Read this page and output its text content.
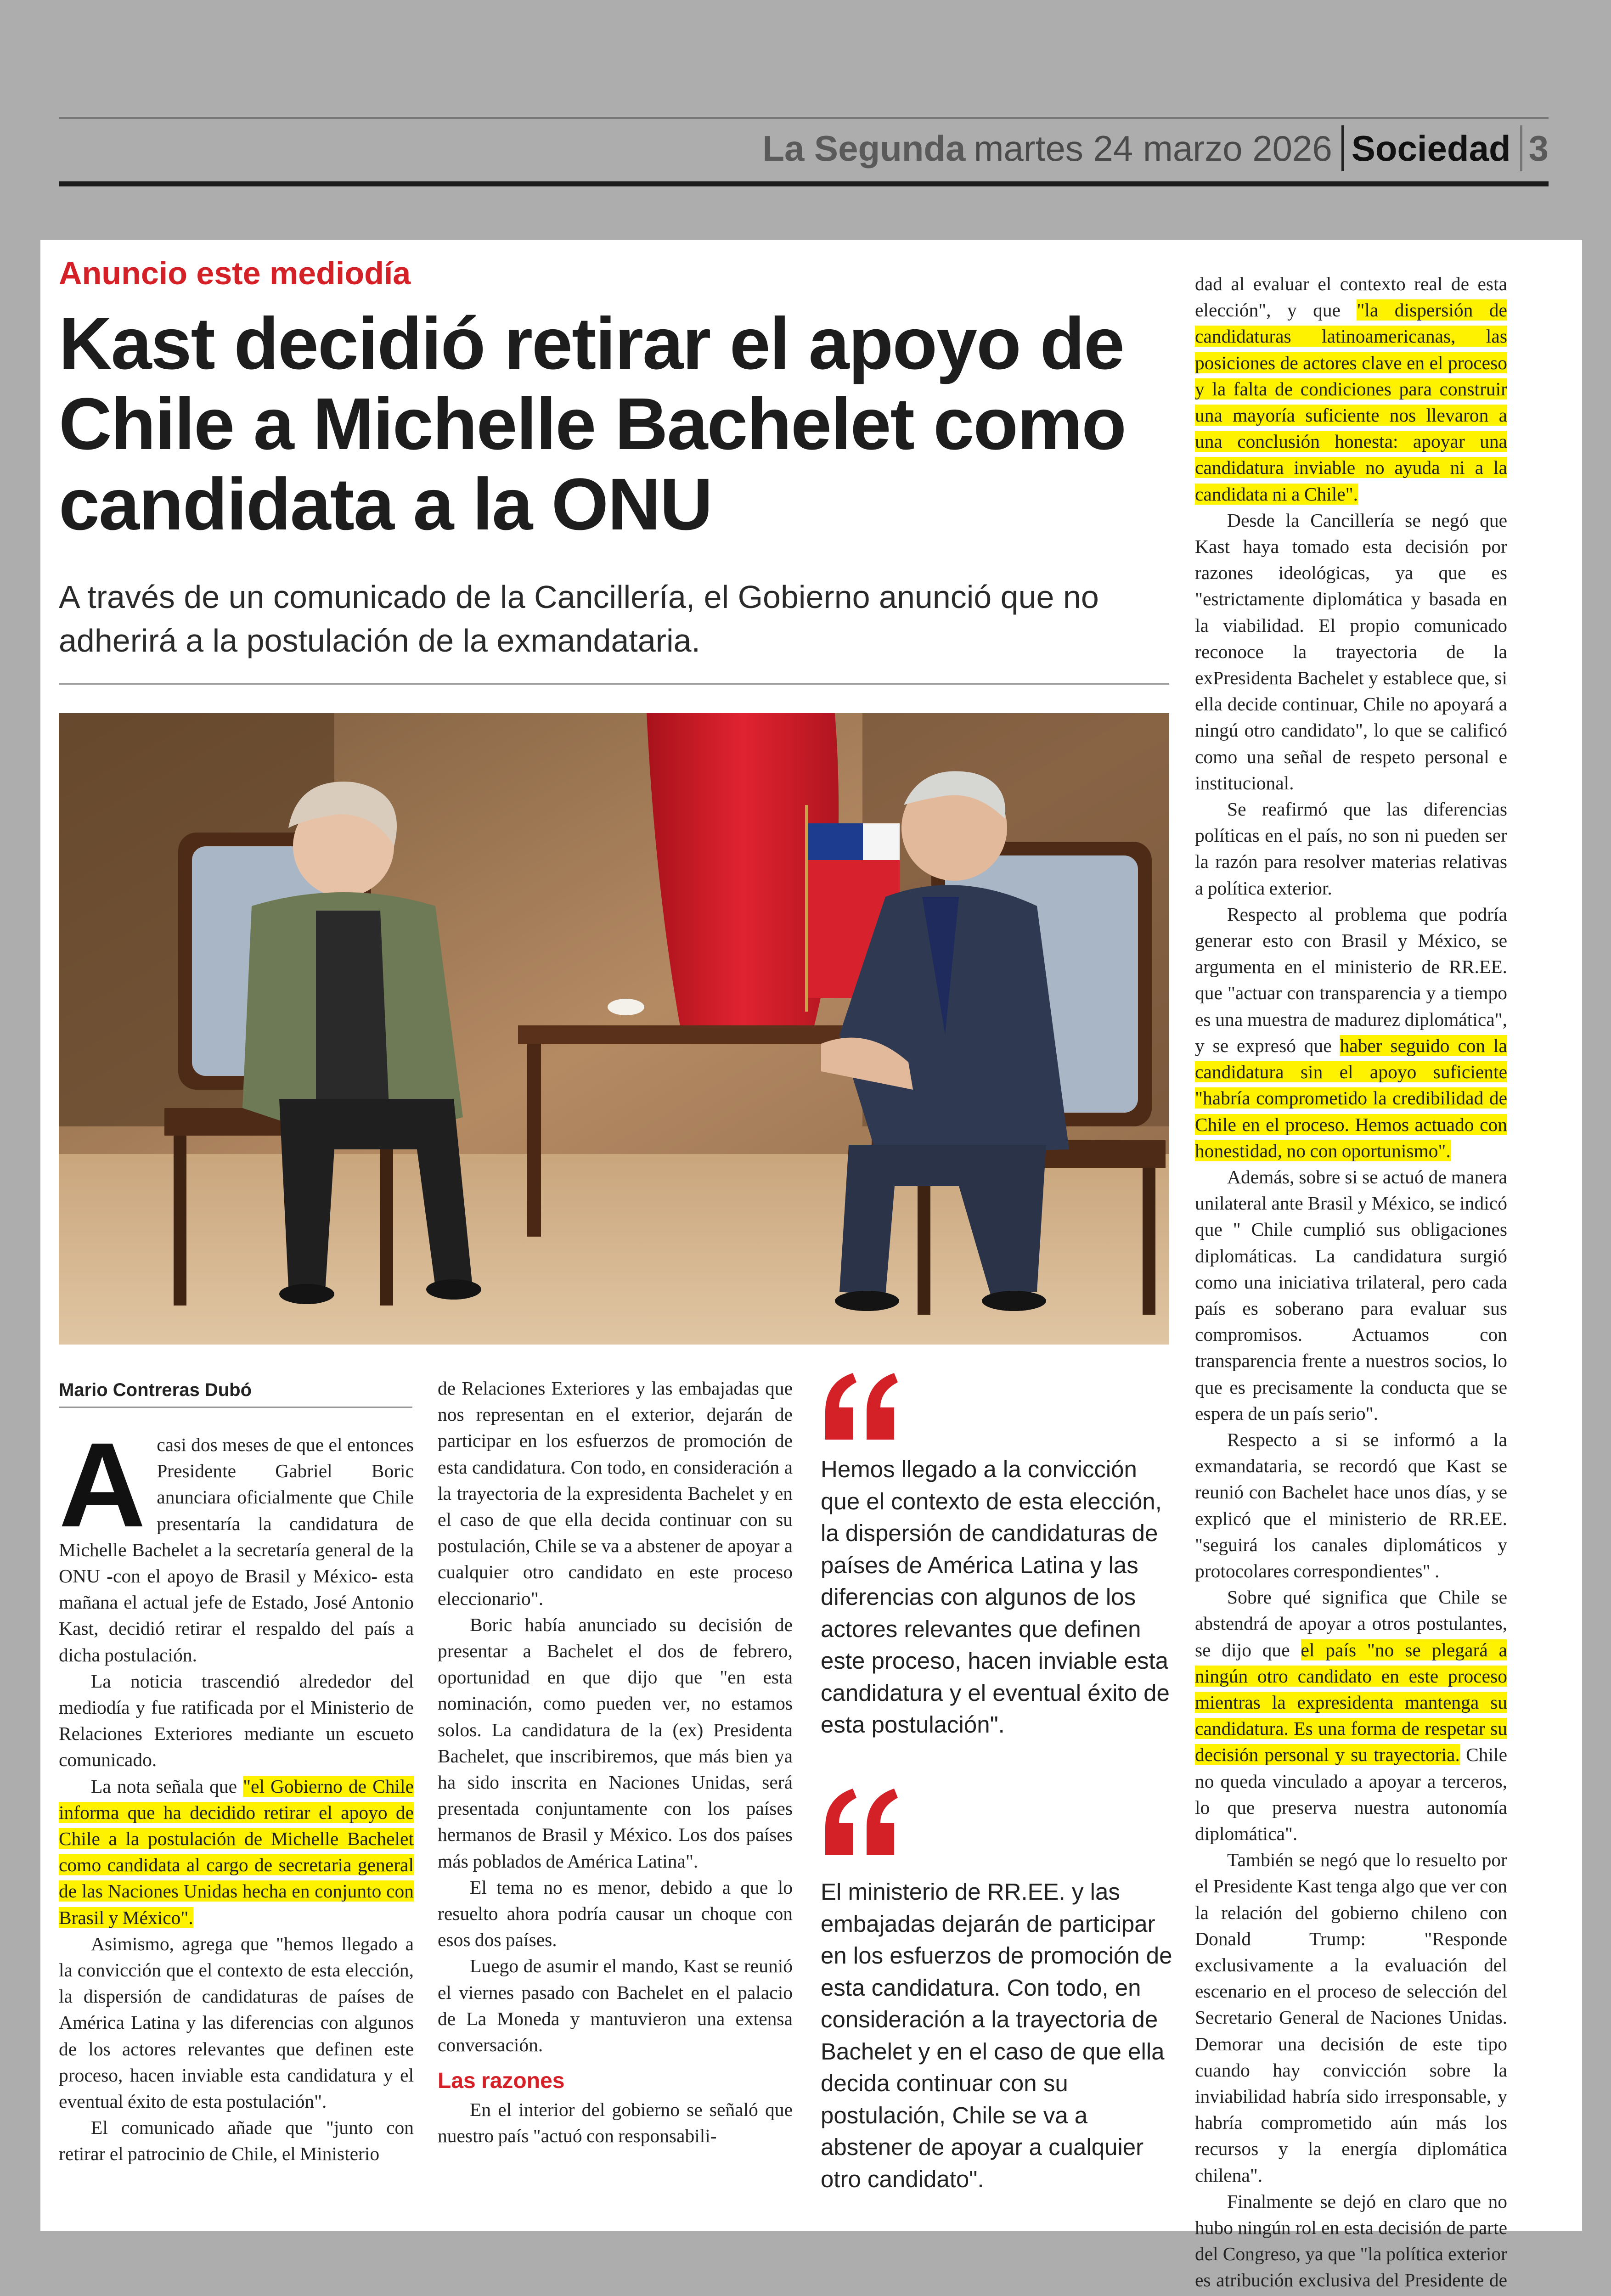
La Segunda martes 24 marzo 2026 Sociedad 3
Anuncio este mediodía
Kast decidió retirar el apoyo de Chile a Michelle Bachelet como candidata a la ONU

A través de un comunicado de la Cancillería, el Gobierno anunció que no adherirá a la postulación de la exmandataria.

Mario Contreras Dubó

Acasi dos meses de que el entonces Presidente Gabriel Boric anunciara oficialmente que Chile presentaría la candidatura de Michelle Bachelet a la secretaría general de la ONU -con el apoyo de Brasil y México- esta mañana el actual jefe de Estado, José Antonio Kast, decidió retirar el respaldo del país a dicha postulación.

La noticia trascendió alrededor del mediodía y fue ratificada por el Ministerio de Relaciones Exteriores mediante un escueto comunicado.

La nota señala que "el Gobierno de Chile informa que ha decidido retirar el apoyo de Chile a la postulación de Michelle Bachelet como candidata al cargo de secretaria general de las Naciones Unidas hecha en conjunto con Brasil y México".

Asimismo, agrega que "hemos llegado a la convicción que el contexto de esta elección, la dispersión de candidaturas de países de América Latina y las diferencias con algunos de los actores relevantes que definen este proceso, hacen inviable esta candidatura y el eventual éxito de esta postulación".

El comunicado añade que "junto con retirar el patrocinio de Chile, el Ministerio

de Relaciones Exteriores y las embajadas que nos representan en el exterior, dejarán de participar en los esfuerzos de promoción de esta candidatura. Con todo, en consideración a la trayectoria de la expresidenta Bachelet y en el caso de que ella decida continuar con su postulación, Chile se va a abstener de apoyar a cualquier otro candidato en este proceso eleccionario".

Boric había anunciado su decisión de presentar a Bachelet el dos de febrero, oportunidad en que dijo que "en esta nominación, como pueden ver, no estamos solos. La candidatura de la (ex) Presidenta Bachelet, que inscribiremos, que más bien ya ha sido inscrita en Naciones Unidas, será presentada conjuntamente con los países hermanos de Brasil y México. Los dos países más poblados de América Latina".

El tema no es menor, debido a que lo resuelto ahora podría causar un choque con esos dos países.

Luego de asumir el mando, Kast se reunió el viernes pasado con Bachelet en el palacio de La Moneda y mantuvieron una extensa conversación.

Las razones

En el interior del gobierno se señaló que nuestro país "actuó con responsabili-

Hemos llegado a la convicción que el contexto de esta elección, la dispersión de candidaturas de países de América Latina y las diferencias con algunos de los actores relevantes que definen este proceso, hacen inviable esta candidatura y el eventual éxito de esta postulación".

El ministerio de RR.EE. y las embajadas dejarán de participar en los esfuerzos de promoción de esta candidatura. Con todo, en consideración a la trayectoria de Bachelet y en el caso de que ella decida continuar con su postulación, Chile se va a abstener de apoyar a cualquier otro candidato".

dad al evaluar el contexto real de esta elección", y que "la dispersión de candidaturas latinoamericanas, las posiciones de actores clave en el proceso y la falta de condiciones para construir una mayoría suficiente nos llevaron a una conclusión honesta: apoyar una candidatura inviable no ayuda ni a la candidata ni a Chile".

Desde la Cancillería se negó que Kast haya tomado esta decisión por razones ideológicas, ya que es "estrictamente diplomática y basada en la viabilidad. El propio comunicado reconoce la trayectoria de la exPresidenta Bachelet y establece que, si ella decide continuar, Chile no apoyará a ningú otro candidato", lo que se calificó como una señal de respeto personal e institucional.

Se reafirmó que las diferencias políticas en el país, no son ni pueden ser la razón para resolver materias relativas a política exterior.

Respecto al problema que podría generar esto con Brasil y México, se argumenta en el ministerio de RR.EE. que "actuar con transparencia y a tiempo es una muestra de madurez diplomática", y se expresó que haber seguido con la candidatura sin el apoyo suficiente "habría comprometido la credibilidad de Chile en el proceso. Hemos actuado con honestidad, no con oportunismo".

Además, sobre si se actuó de manera unilateral ante Brasil y México, se indicó que " Chile cumplió sus obligaciones diplomáticas. La candidatura surgió como una iniciativa trilateral, pero cada país es soberano para evaluar sus compromisos. Actuamos con transparencia frente a nuestros socios, lo que es precisamente la conducta que se espera de un país serio".

Respecto a si se informó a la exmandataria, se recordó que Kast se reunió con Bachelet hace unos días, y se explicó que el ministerio de RR.EE. "seguirá los canales diplomáticos y protocolares correspondientes" .

Sobre qué significa que Chile se abstendrá de apoyar a otros postulantes, se dijo que el país "no se plegará a ningún otro candidato en este proceso mientras la expresidenta mantenga su candidatura. Es una forma de respetar su decisión personal y su trayectoria. Chile no queda vinculado a apoyar a terceros, lo que preserva nuestra autonomía diplomática".

También se negó que lo resuelto por el Presidente Kast tenga algo que ver con la relación del gobierno chileno con Donald Trump: "Responde exclusivamente a la evaluación del escenario en el proceso de selección del Secretario General de Naciones Unidas. Demorar una decisión de este tipo cuando hay convicción sobre la inviabilidad habría sido irresponsable, y habría comprometido aún más los recursos y la energía diplomática chilena".

Finalmente se dejó en claro que no hubo ningún rol en esta decisión de parte del Congreso, ya que "la política exterior es atribución exclusiva del Presidente de
